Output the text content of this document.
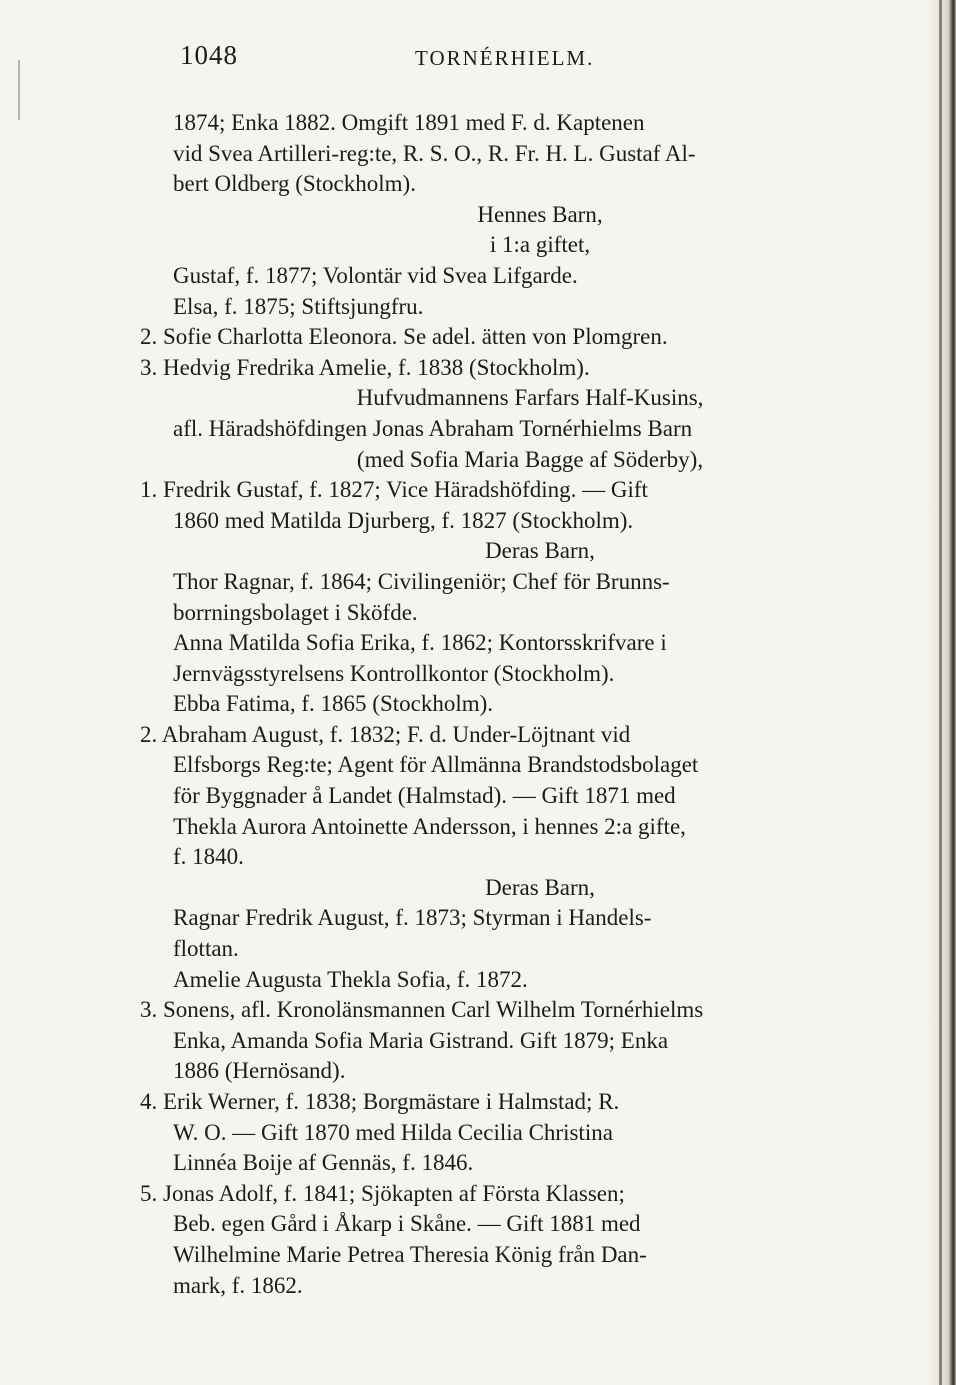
1048	TORNÉRHIELM.
1874; Enka 1882. Omgift 1891 med F. d. Kaptenen
vid Svea Artilleri-reg:te, R. S. O., R. Fr. H. L. Gustaf Al-
bert Oldberg (Stockholm).
Hennes Barn,
i 1:a giftet,
Gustaf, f. 1877; Volontär vid Svea Lifgarde.
Elsa, f. 1875; Stiftsjungfru.
2. Sofie Charlotta Eleonora. Se adel. ätten von Plomgren.
3. Hedvig Fredrika Amelie, f. 1838 (Stockholm).
Hufvudmannens Farfars Half-Kusins,
afl. Häradshöfdingen Jonas Abraham Tornérhielms Barn
(med Sofia Maria Bagge af Söderby),
1. Fredrik Gustaf, f. 1827; Vice Häradshöfding. — Gift
1860 med Matilda Djurberg, f. 1827 (Stockholm).
Deras Barn,
Thor Ragnar, f. 1864; Civilingeniör; Chef för Brunns-
borrningsbolaget i Sköfde.
Anna Matilda Sofia Erika, f. 1862; Kontorsskrifvare i
Jernvägsstyrelsens Kontrollkontor (Stockholm).
Ebba Fatima, f. 1865 (Stockholm).
2. Abraham August, f. 1832; F. d. Under-Löjtnant vid
Elfsborgs Reg:te; Agent för Allmänna Brandstodsbolaget
för Byggnader å Landet (Halmstad). — Gift 1871 med
Thekla Aurora Antoinette Andersson, i hennes 2:a gifte,
f. 1840.
Deras Barn,
Ragnar Fredrik August, f. 1873; Styrman i Handels-
flottan.
Amelie Augusta Thekla Sofia, f. 1872.
3. Sonens, afl. Kronolänsmannen Carl Wilhelm Tornérhielms
Enka, Amanda Sofia Maria Gistrand. Gift 1879; Enka
1886 (Hernösand).
4. Erik Werner, f. 1838; Borgmästare i Halmstad; R.
W. O. — Gift 1870 med Hilda Cecilia Christina
Linnéa Boije af Gennäs, f. 1846.
5. Jonas Adolf, f. 1841; Sjökapten af Första Klassen;
Beb. egen Gård i Åkarp i Skåne. — Gift 1881 med
Wilhelmine Marie Petrea Theresia König från Dan-
mark, f. 1862.
